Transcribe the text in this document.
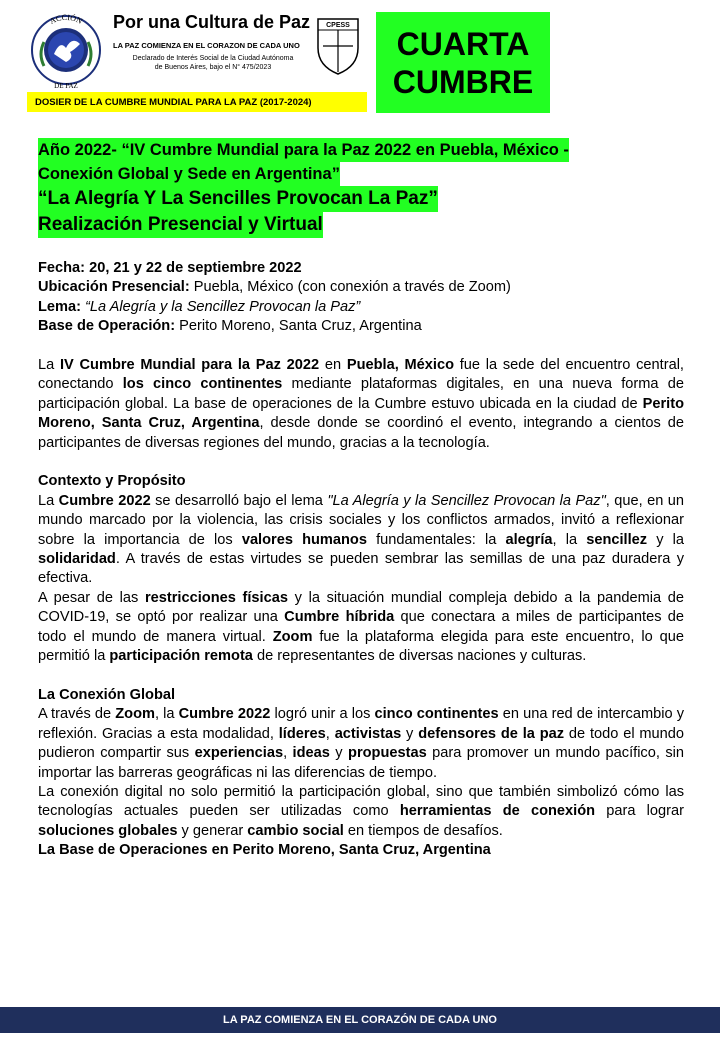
ACCIÓN
DE PAZ
Por una Cultura de Paz
LA PAZ COMIENZA EN EL CORAZON DE CADA UNO
Declarado de Interés Social de la Ciudad Autónoma
de Buenos Aires, bajo el N° 475/2023
CPESS CUARTA
CUMBRE
DOSIER DE LA CUMBRE MUNDIAL PARA LA PAZ (2017-2024)
Año 2022- “IV Cumbre Mundial para la Paz 2022 en Puebla, México -
Conexión Global y Sede en Argentina”
“La Alegría Y La Sencilles Provocan La Paz”
Realización Presencial y Virtual
Fecha: 20, 21 y 22 de septiembre 2022
Ubicación Presencial: Puebla, México (con conexión a través de Zoom)
Lema: “La Alegría y la Sencillez Provocan la Paz”
Base de Operación: Perito Moreno, Santa Cruz, Argentina

La IV Cumbre Mundial para la Paz 2022 en Puebla, México fue la sede del encuentro central, conectando los cinco continentes mediante plataformas digitales, en una nueva forma de participación global. La base de operaciones de la Cumbre estuvo ubicada en la ciudad de Perito Moreno, Santa Cruz, Argentina, desde donde se coordinó el evento, integrando a cientos de participantes de diversas regiones del mundo, gracias a la tecnología.

Contexto y Propósito

La Cumbre 2022 se desarrolló bajo el lema "La Alegría y la Sencillez Provocan la Paz", que, en un mundo marcado por la violencia, las crisis sociales y los conflictos armados, invitó a reflexionar sobre la importancia de los valores humanos fundamentales: la alegría, la sencillez y la solidaridad. A través de estas virtudes se pueden sembrar las semillas de una paz duradera y efectiva.

A pesar de las restricciones físicas y la situación mundial compleja debido a la pandemia de COVID-19, se optó por realizar una Cumbre híbrida que conectara a miles de participantes de todo el mundo de manera virtual. Zoom fue la plataforma elegida para este encuentro, lo que permitió la participación remota de representantes de diversas naciones y culturas.

La Conexión Global

A través de Zoom, la Cumbre 2022 logró unir a los cinco continentes en una red de intercambio y reflexión. Gracias a esta modalidad, líderes, activistas y defensores de la paz de todo el mundo pudieron compartir sus experiencias, ideas y propuestas para promover un mundo pacífico, sin importar las barreras geográficas ni las diferencias de tiempo.

La conexión digital no solo permitió la participación global, sino que también simbolizó cómo las tecnologías actuales pueden ser utilizadas como herramientas de conexión para lograr soluciones globales y generar cambio social en tiempos de desafíos.

La Base de Operaciones en Perito Moreno, Santa Cruz, Argentina
LA PAZ COMIENZA EN EL CORAZÓN DE CADA UNO
